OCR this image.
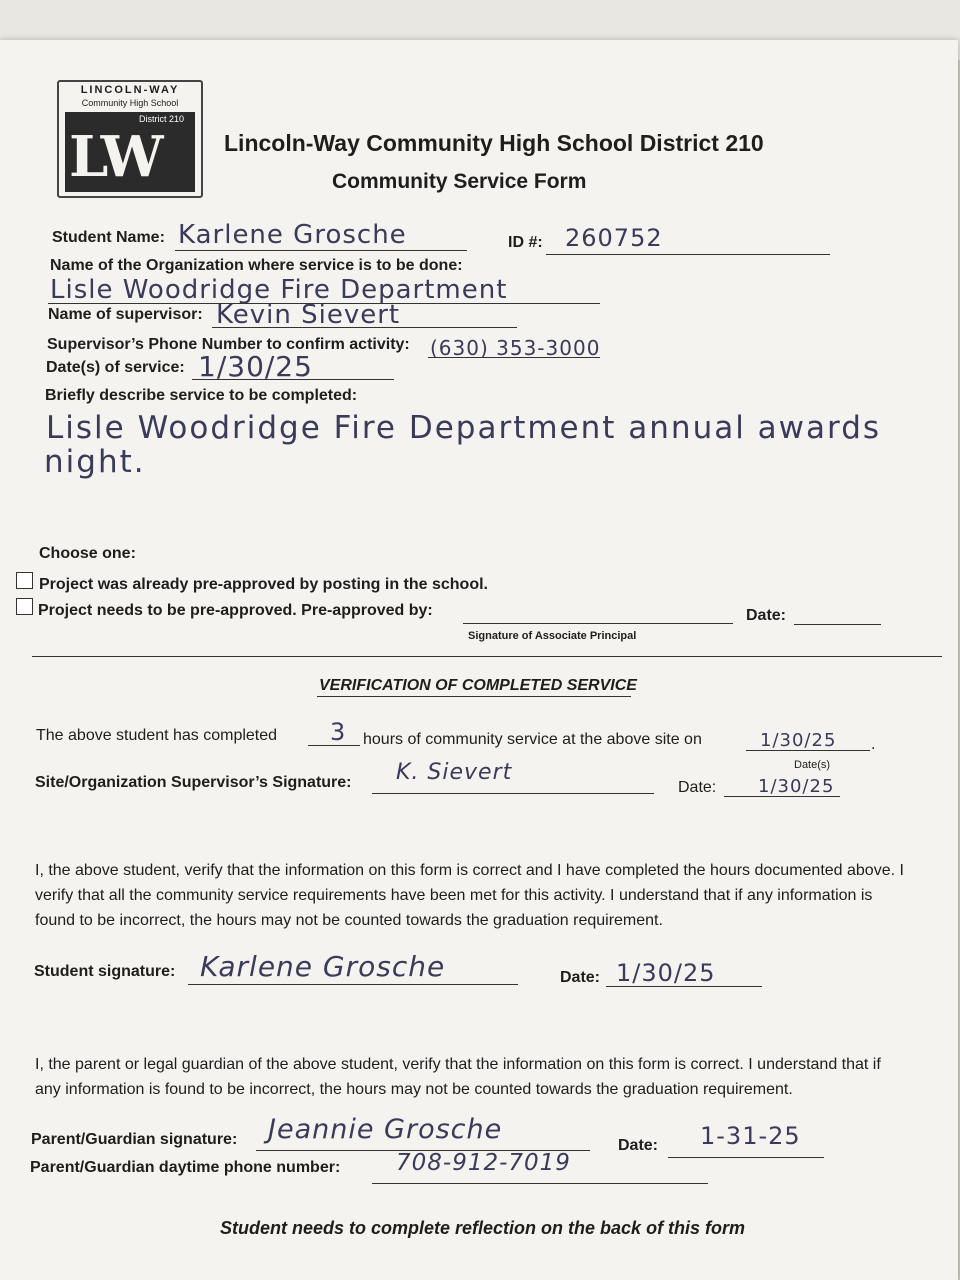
LINCOLN-WAY
Community High School
District 210
LW	Lincoln-Way Community High School District 210
Community Service Form
Student Name: Karlene Grosche	ID #: 260752
Name of the Organization where service is to be done:
Lisle Woodridge Fire Department
Name of supervisor: Kevin Sievert
Supervisor’s Phone Number to confirm activity: (630) 353-3000
Date(s) of service: 1/30/25
Briefly describe service to be completed:
Lisle Woodridge Fire Department annual awards
night.
Choose one:
Project was already pre-approved by posting in the school.
Project needs to be pre-approved. Pre-approved by:	Date:
Signature of Associate Principal
VERIFICATION OF COMPLETED SERVICE
The above student has completed 3 hours of community service at the above site on	1/30/25 .
Date(s)
Site/Organization Supervisor’s Signature: K. Sievert
Date: 1/30/25
I, the above student, verify that the information on this form is correct and I have completed the hours documented above. I verify that all the community service requirements have been met for this activity. I understand that if any information is found to be incorrect, the hours may not be counted towards the graduation requirement.
Student signature: Karlene Grosche	Date: 1/30/25
I, the parent or legal guardian of the above student, verify that the information on this form is correct. I understand that if any information is found to be incorrect, the hours may not be counted towards the graduation requirement.
Parent/Guardian signature: Jeannie Grosche
Date: 1-31-25
Parent/Guardian daytime phone number: 708-912-7019
Student needs to complete reflection on the back of this form
